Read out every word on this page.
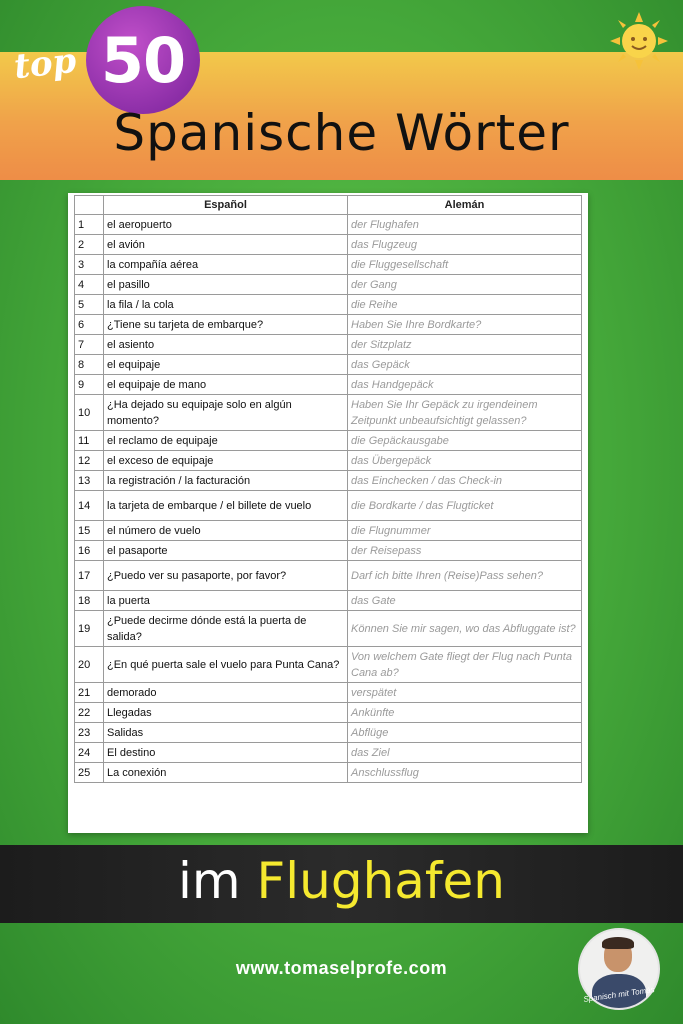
top 50
Spanische Wörter
	Español	Alemán
1	el aeropuerto	der Flughafen
2	el avión	das Flugzeug
3	la compañía aérea	die Fluggesellschaft
4	el pasillo	der Gang
5	la fila / la cola	die Reihe
6	¿Tiene su tarjeta de embarque?	Haben Sie Ihre Bordkarte?
7	el asiento	der Sitzplatz
8	el equipaje	das Gepäck
9	el equipaje de mano	das Handgepäck
10	¿Ha dejado su equipaje solo en algún momento?	Haben Sie Ihr Gepäck zu irgendeinem Zeitpunkt unbeaufsichtigt gelassen?
11	el reclamo de equipaje	die Gepäckausgabe
12	el exceso de equipaje	das Übergepäck
13	la registración / la facturación	das Einchecken / das Check-in
14	la tarjeta de embarque / el billete de vuelo	die Bordkarte / das Flugticket
15	el número de vuelo	die Flugnummer
16	el pasaporte	der Reisepass
17	¿Puedo ver su pasaporte, por favor?	Darf ich bitte Ihren (Reise)Pass sehen?
18	la puerta	das Gate
19	¿Puede decirme dónde está la puerta de salida?	Können Sie mir sagen, wo das Abfluggate ist?
20	¿En qué puerta sale el vuelo para Punta Cana?	Von welchem Gate fliegt der Flug nach Punta Cana ab?
21	demorado	verspätet
22	Llegadas	Ankünfte
23	Salidas	Abflüge
24	El destino	das Ziel
25	La conexión	Anschlussflug
im Flughafen
www.tomaselprofe.com
Spanisch mit Tomás
